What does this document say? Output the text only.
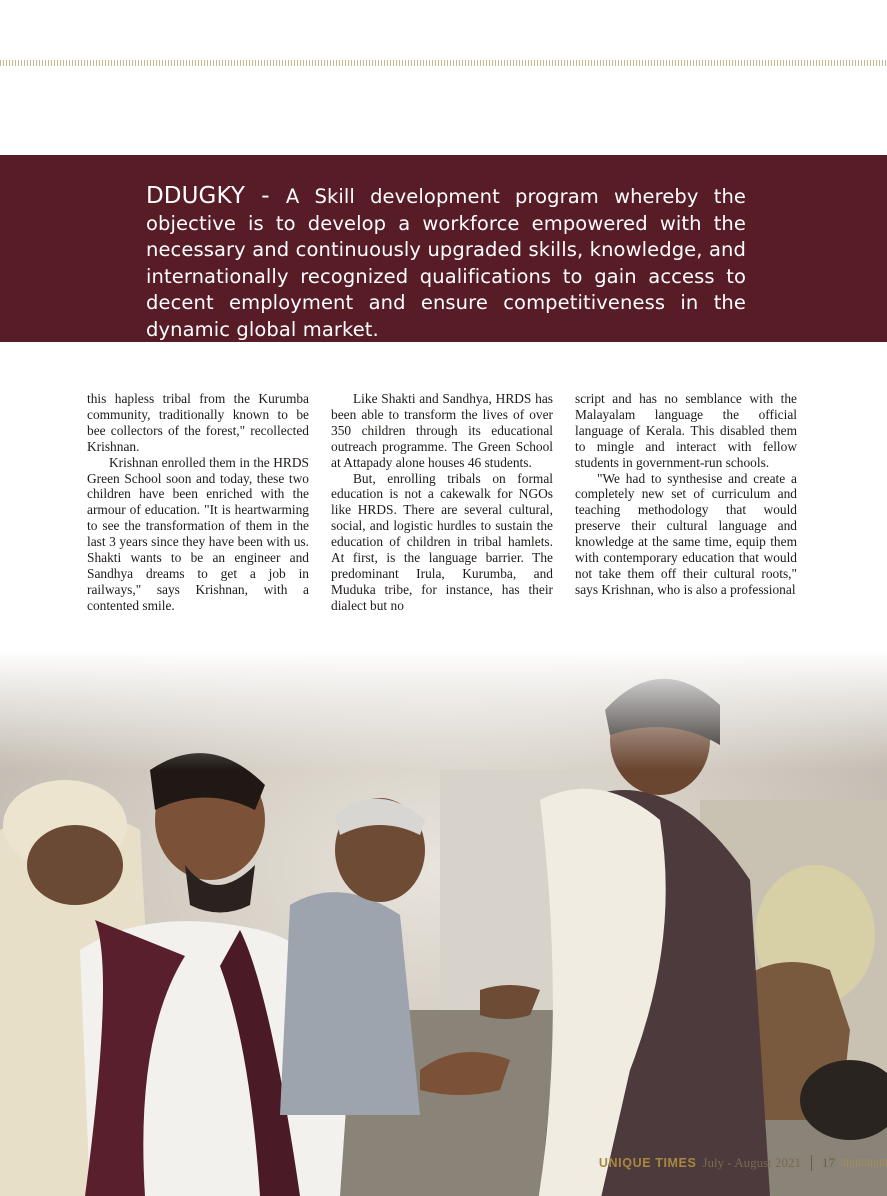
DDUGKY - A Skill development program whereby the objective is to develop a workforce empowered with the necessary and continuously upgraded skills, knowledge, and internationally recognized qualifications to gain access to decent employment and ensure competitiveness in the dynamic global market.

this hapless tribal from the Kurumba community, traditionally known to be bee collectors of the forest," recollected Krishnan.

Krishnan enrolled them in the HRDS Green School soon and today, these two children have been enriched with the armour of education. "It is heartwarming to see the transformation of them in the last 3 years since they have been with us. Shakti wants to be an engineer and Sandhya dreams to get a job in railways," says Krishnan, with a contented smile.

Like Shakti and Sandhya, HRDS has been able to transform the lives of over 350 children through its educational outreach programme. The Green School at Attapady alone houses 46 students.

But, enrolling tribals on formal education is not a cakewalk for NGOs like HRDS. There are several cultural, social, and logistic hurdles to sustain the education of children in tribal hamlets. At first, is the language barrier. The predominant Irula, Kurumba, and Muduka tribe, for instance, has their dialect but no

script and has no semblance with the Malayalam language the official language of Kerala. This disabled them to mingle and interact with fellow students in government-run schools.

"We had to synthesise and create a completely new set of curriculum and teaching methodology that would preserve their cultural language and knowledge at the same time, equip them with contemporary education that would not take them off their cultural roots," says Krishnan, who is also a professional

UNIQUE TIMES July - August 2021 17
